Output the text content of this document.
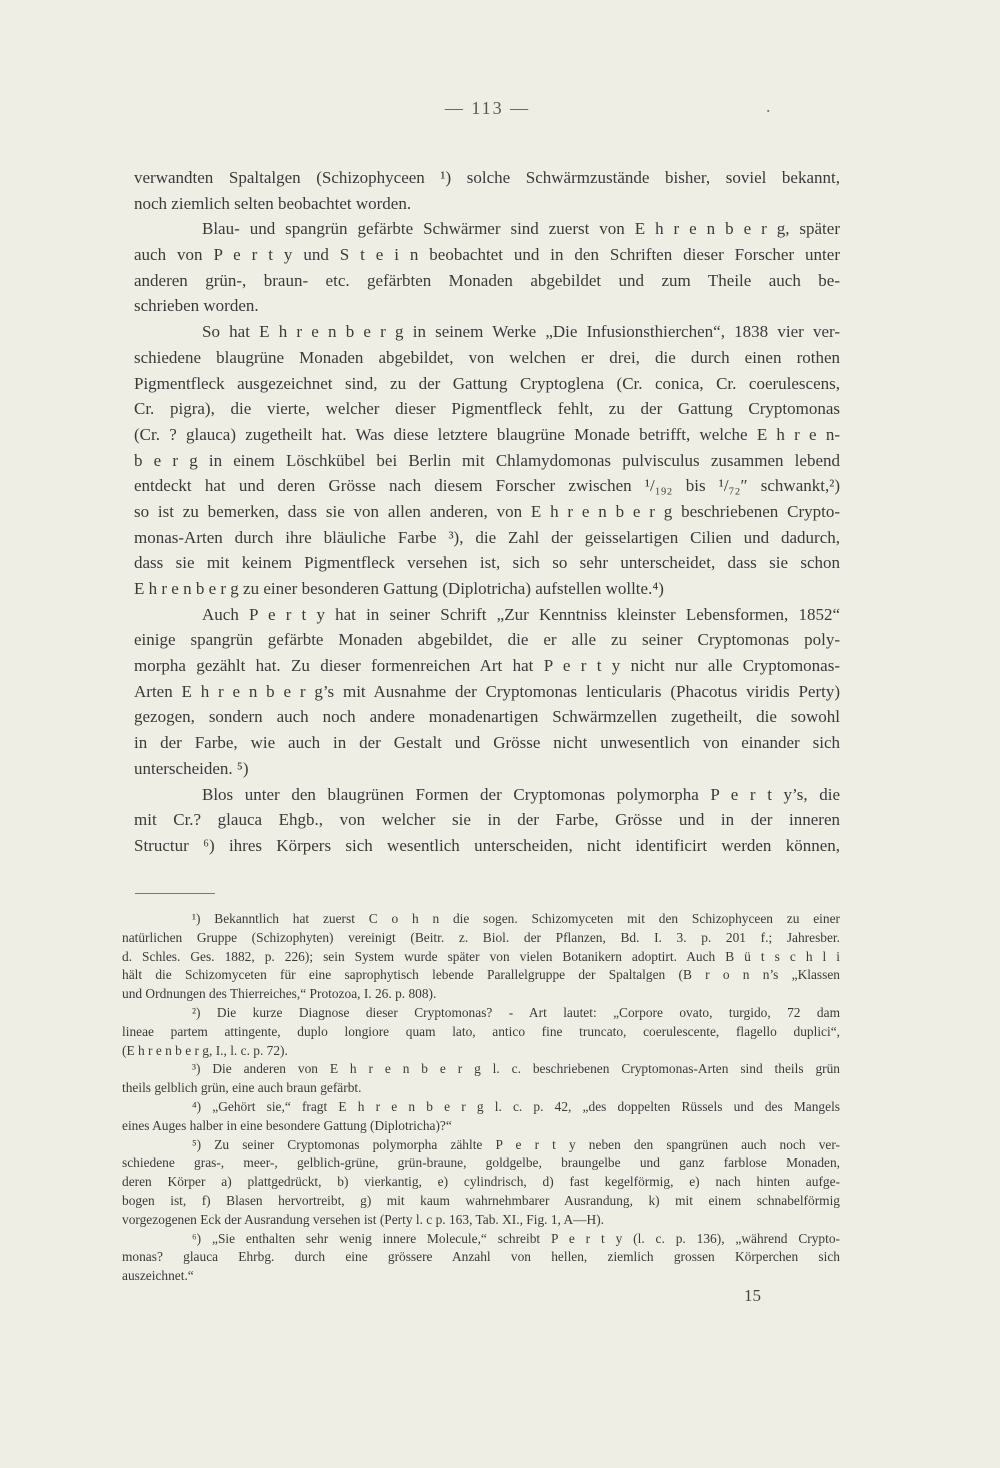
— 113 —	.
verwandten Spaltalgen (Schizophyceen ¹) solche Schwärmzustände bisher, soviel bekannt,
noch ziemlich selten beobachtet worden.
Blau- und spangrün gefärbte Schwärmer sind zuerst von E h r e n b e r g, später
auch von P e r t y und S t e i n beobachtet und in den Schriften dieser Forscher unter
anderen grün-, braun- etc. gefärbten Monaden abgebildet und zum Theile auch be-
schrieben worden.
So hat E h r e n b e r g in seinem Werke „Die Infusionsthierchen“, 1838 vier ver-
schiedene blaugrüne Monaden abgebildet, von welchen er drei, die durch einen rothen
Pigmentfleck ausgezeichnet sind, zu der Gattung Cryptoglena (Cr. conica, Cr. coerulescens,
Cr. pigra), die vierte, welcher dieser Pigmentfleck fehlt, zu der Gattung Cryptomonas
(Cr. ? glauca) zugetheilt hat. Was diese letztere blaugrüne Monade betrifft, welche E h r e n-
b e r g in einem Löschkübel bei Berlin mit Chlamydomonas pulvisculus zusammen lebend
entdeckt hat und deren Grösse nach diesem Forscher zwischen ¹/₁₉₂ bis ¹/₇₂″ schwankt,²)
so ist zu bemerken, dass sie von allen anderen, von E h r e n b e r g beschriebenen Crypto-
monas-Arten durch ihre bläuliche Farbe ³), die Zahl der geisselartigen Cilien und dadurch,
dass sie mit keinem Pigmentfleck versehen ist, sich so sehr unterscheidet, dass sie schon
E h r e n b e r g zu einer besonderen Gattung (Diplotricha) aufstellen wollte.⁴)
Auch P e r t y hat in seiner Schrift „Zur Kenntniss kleinster Lebensformen, 1852“
einige spangrün gefärbte Monaden abgebildet, die er alle zu seiner Cryptomonas poly-
morpha gezählt hat. Zu dieser formenreichen Art hat P e r t y nicht nur alle Cryptomonas-
Arten E h r e n b e r g’s mit Ausnahme der Cryptomonas lenticularis (Phacotus viridis Perty)
gezogen, sondern auch noch andere monadenartigen Schwärmzellen zugetheilt, die sowohl
in der Farbe, wie auch in der Gestalt und Grösse nicht unwesentlich von einander sich
unterscheiden. ⁵)
Blos unter den blaugrünen Formen der Cryptomonas polymorpha P e r t y’s, die
mit Cr.? glauca Ehgb., von welcher sie in der Farbe, Grösse und in der inneren
Structur ⁶) ihres Körpers sich wesentlich unterscheiden, nicht identificirt werden können,
¹) Bekanntlich hat zuerst C o h n die sogen. Schizomyceten mit den Schizophyceen zu einer
natürlichen Gruppe (Schizophyten) vereinigt (Beitr. z. Biol. der Pflanzen, Bd. I. 3. p. 201 f.; Jahresber.
d. Schles. Ges. 1882, p. 226); sein System wurde später von vielen Botanikern adoptirt. Auch B ü t s c h l i
hält die Schizomyceten für eine saprophytisch lebende Parallelgruppe der Spaltalgen (B r o n n’s „Klassen
und Ordnungen des Thierreiches,“ Protozoa, I. 26. p. 808).
²) Die kurze Diagnose dieser Cryptomonas? - Art lautet: „Corpore ovato, turgido, 72 dam
lineae partem attingente, duplo longiore quam lato, antico fine truncato, coerulescente, flagello duplici“,
(E h r e n b e r g, I., l. c. p. 72).
³) Die anderen von E h r e n b e r g l. c. beschriebenen Cryptomonas-Arten sind theils grün
theils gelblich grün, eine auch braun gefärbt.
⁴) „Gehört sie,“ fragt E h r e n b e r g l. c. p. 42, „des doppelten Rüssels und des Mangels
eines Auges halber in eine besondere Gattung (Diplotricha)?“
⁵) Zu seiner Cryptomonas polymorpha zählte P e r t y neben den spangrünen auch noch ver-
schiedene gras-, meer-, gelblich-grüne, grün-braune, goldgelbe, braungelbe und ganz farblose Monaden,
deren Körper a) plattgedrückt, b) vierkantig, e) cylindrisch, d) fast kegelförmig, e) nach hinten aufge-
bogen ist, f) Blasen hervortreibt, g) mit kaum wahrnehmbarer Ausrandung, k) mit einem schnabelförmig
vorgezogenen Eck der Ausrandung versehen ist (Perty l. c p. 163, Tab. XI., Fig. 1, A—H).
⁶) „Sie enthalten sehr wenig innere Molecule,“ schreibt P e r t y (l. c. p. 136), „während Crypto-
monas? glauca Ehrbg. durch eine grössere Anzahl von hellen, ziemlich grossen Körperchen sich
auszeichnet.“
15
